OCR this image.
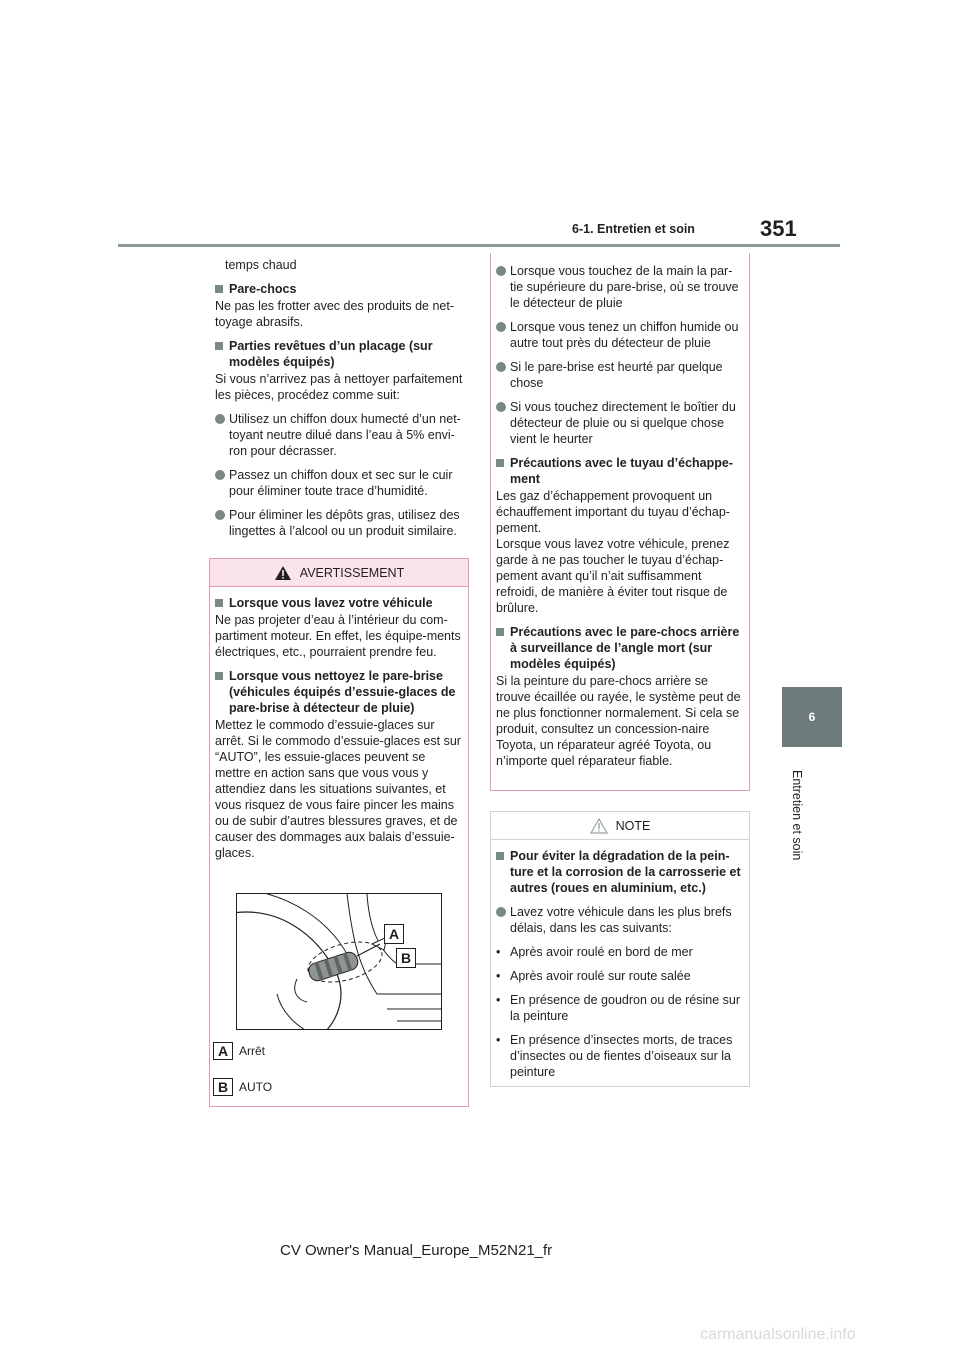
6-1. Entretien et soin	351
6
Entretien et soin
temps chaud
Pare-chocs
Ne pas les frotter avec des produits de net-toyage abrasifs.
Parties revêtues d’un placage (sur modèles équipés)
Si vous n’arrivez pas à nettoyer parfaitement les pièces, procédez comme suit:
Utilisez un chiffon doux humecté d’un net-toyant neutre dilué dans l’eau à 5% envi-ron pour décrasser.
Passez un chiffon doux et sec sur le cuir pour éliminer toute trace d’humidité.
Pour éliminer les dépôts gras, utilisez des lingettes à l’alcool ou un produit similaire.
AVERTISSEMENT
Lorsque vous lavez votre véhicule
Ne pas projeter d’eau à l’intérieur du com-partiment moteur. En effet, les équipe-ments électriques, etc., pourraient prendre feu.
Lorsque vous nettoyez le pare-brise (véhicules équipés d’essuie-glaces de pare-brise à détecteur de pluie)
Mettez le commodo d’essuie-glaces sur arrêt. Si le commodo d’essuie-glaces est sur “AUTO”, les essuie-glaces peuvent se mettre en action sans que vous vous y attendiez dans les situations suivantes, et vous risquez de vous faire pincer les mains ou de subir d’autres blessures graves, et de causer des dommages aux balais d’essuie-glaces.
A
B
A Arrêt
B AUTO
Lorsque vous touchez de la main la par-tie supérieure du pare-brise, où se trouve le détecteur de pluie
Lorsque vous tenez un chiffon humide ou autre tout près du détecteur de pluie
Si le pare-brise est heurté par quelque chose
Si vous touchez directement le boîtier du détecteur de pluie ou si quelque chose vient le heurter
Précautions avec le tuyau d’échappe-ment
Les gaz d’échappement provoquent un échauffement important du tuyau d’échap-pement.
Lorsque vous lavez votre véhicule, prenez garde à ne pas toucher le tuyau d’échap-pement avant qu’il n’ait suffisamment refroidi, de manière à éviter tout risque de brûlure.
Précautions avec le pare-chocs arrière à surveillance de l’angle mort (sur modèles équipés)
Si la peinture du pare-chocs arrière se trouve écaillée ou rayée, le système peut de ne plus fonctionner normalement. Si cela se produit, consultez un concession-naire Toyota, un réparateur agréé Toyota, ou n’importe quel réparateur fiable.
NOTE
Pour éviter la dégradation de la pein-ture et la corrosion de la carrosserie et autres (roues en aluminium, etc.)
Lavez votre véhicule dans les plus brefs délais, dans les cas suivants:
• Après avoir roulé en bord de mer
• Après avoir roulé sur route salée
• En présence de goudron ou de résine sur la peinture
• En présence d’insectes morts, de traces d’insectes ou de fientes d’oiseaux sur la peinture
CV Owner's Manual_Europe_M52N21_fr
carmanualsonline.info
